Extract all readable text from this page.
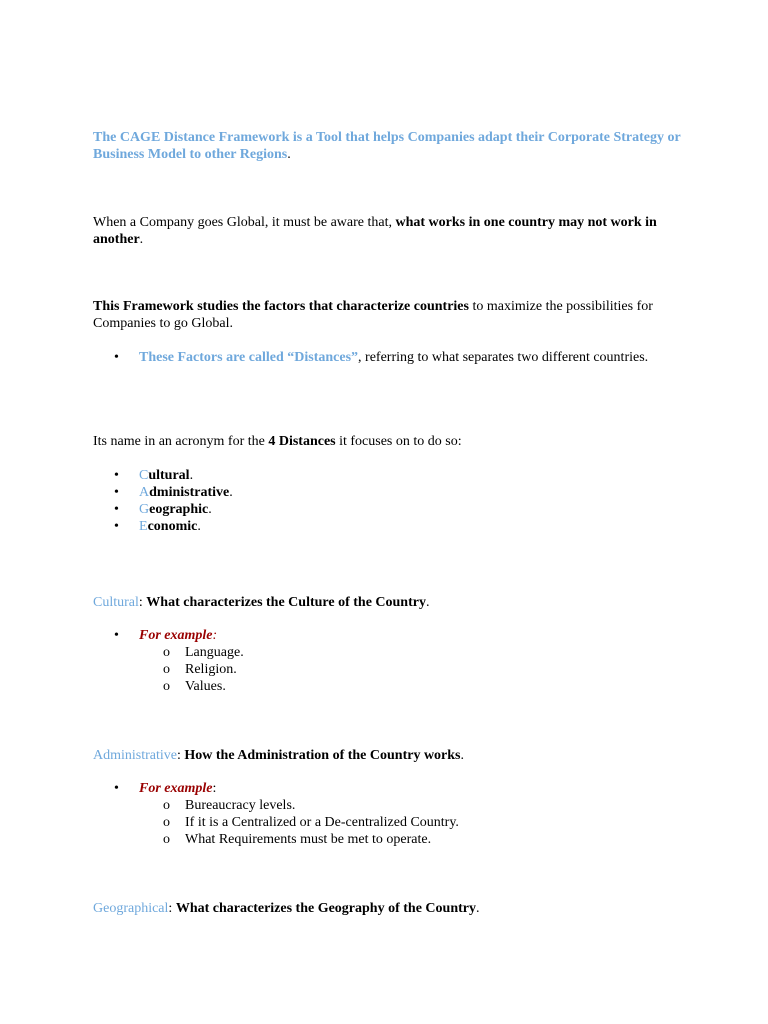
The CAGE Distance Framework is a Tool that helps Companies adapt their Corporate Strategy or Business Model to other Regions.
When a Company goes Global, it must be aware that, what works in one country may not work in another.
This Framework studies the factors that characterize countries to maximize the possibilities for Companies to go Global.
•	These Factors are called “Distances”, referring to what separates two different countries.
Its name in an acronym for the 4 Distances it focuses on to do so:
•	Cultural.
•	Administrative.
•	Geographic.
•	Economic.
Cultural: What characterizes the Culture of the Country.
•	For example:
o Language.
o Religion.
o Values.
Administrative: How the Administration of the Country works.
•	For example:
o Bureaucracy levels.
o If it is a Centralized or a De-centralized Country.
o What Requirements must be met to operate.
Geographical: What characterizes the Geography of the Country.
